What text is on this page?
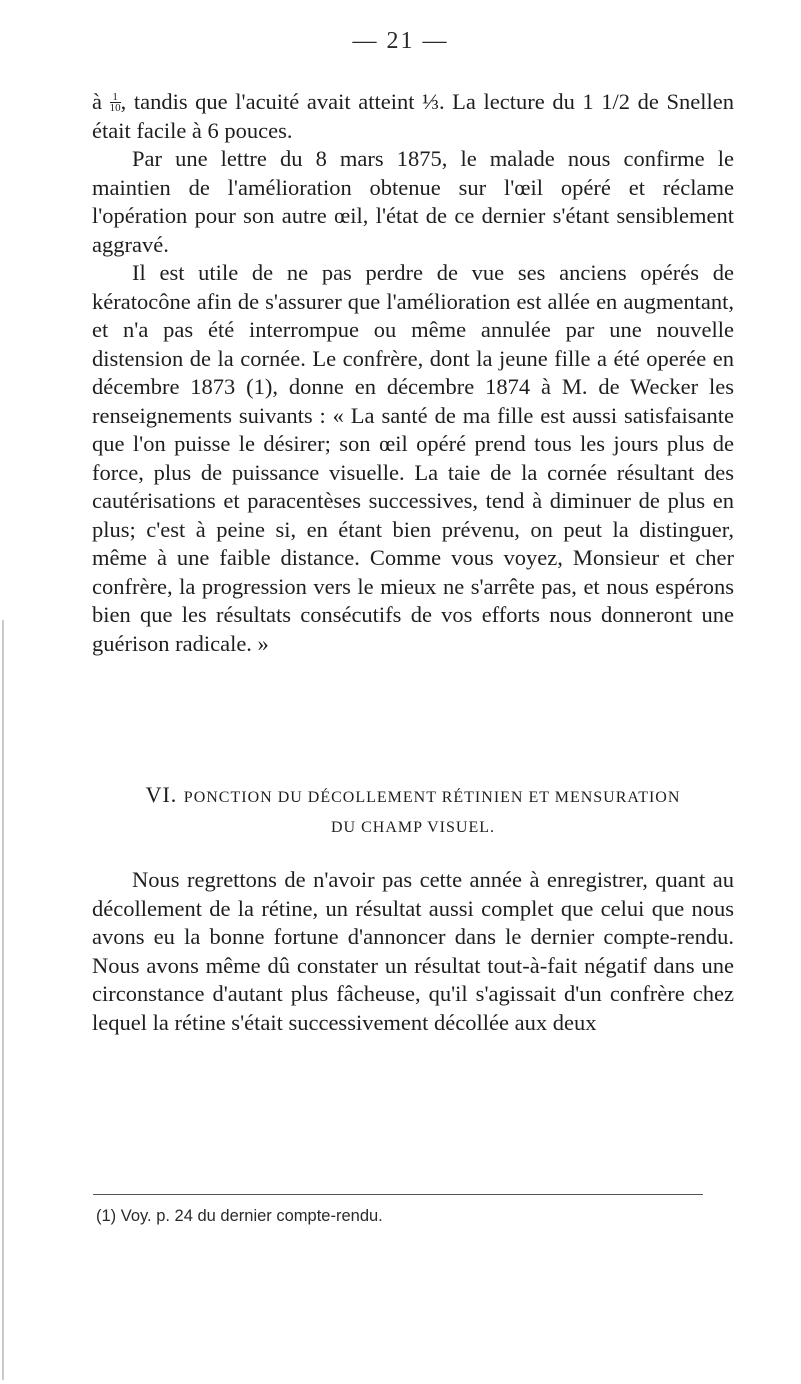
— 21 —

à $\frac{1}{10}$ , tandis que l'acuité avait atteint ⅓. La lecture du 1 1/2 de Snellen était facile à 6 pouces.

Par une lettre du 8 mars 1875, le malade nous confirme le maintien de l'amélioration obtenue sur l'œil opéré et réclame l'opération pour son autre œil, l'état de ce dernier s'étant sensiblement aggravé.

Il est utile de ne pas perdre de vue ses anciens opérés de kératocône afin de s'assurer que l'amélioration est allée en augmentant, et n'a pas été interrompue ou même annulée par une nouvelle distension de la cornée. Le confrère, dont la jeune fille a été operée en décembre 1873 (1), donne en décembre 1874 à M. de Wecker les renseignements suivants : « La santé de ma fille est aussi satisfaisante que l'on puisse le désirer; son œil opéré prend tous les jours plus de force, plus de puissance visuelle. La taie de la cornée résultant des cautérisations et paracentèses successives, tend à diminuer de plus en plus; c'est à peine si, en étant bien prévenu, on peut la distinguer, même à une faible distance. Comme vous voyez, Monsieur et cher confrère, la progression vers le mieux ne s'arrête pas, et nous espérons bien que les résultats consécutifs de vos efforts nous donneront une guérison radicale. »

VI. PONCTION DU DÉCOLLEMENT RÉTINIEN ET MENSURATION
DU CHAMP VISUEL.
Nous regrettons de n'avoir pas cette année à enregistrer, quant au décollement de la rétine, un résultat aussi complet que celui que nous avons eu la bonne fortune d'annoncer dans le dernier compte-rendu. Nous avons même dû constater un résultat tout-à-fait négatif dans une circonstance d'autant plus fâcheuse, qu'il s'agissait d'un confrère chez lequel la rétine s'était successivement décollée aux deux
(1) Voy. p. 24 du dernier compte-rendu.
